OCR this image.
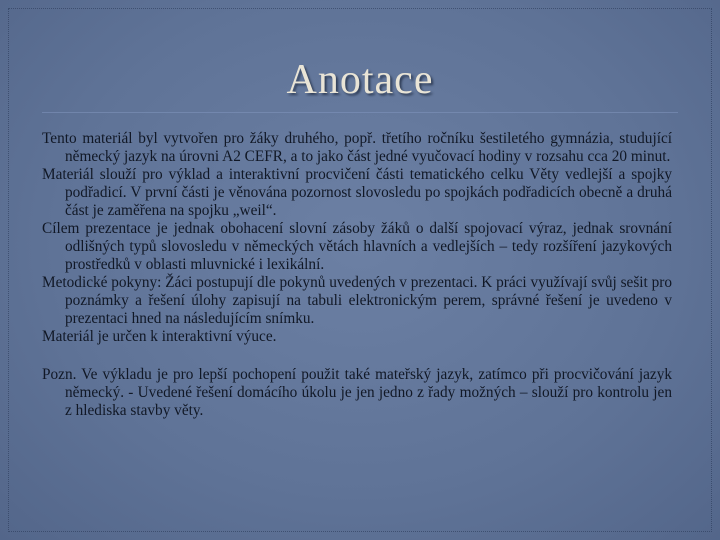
Anotace

Tento materiál byl vytvořen pro žáky druhého, popř. třetího ročníku šestiletého gymnázia, studující německý jazyk na úrovni A2 CEFR, a to jako část jedné vyučovací hodiny v rozsahu cca 20 minut.

Materiál slouží pro výklad a interaktivní procvičení části tematického celku Věty vedlejší a spojky podřadicí. V první části je věnována pozornost slovosledu po spojkách podřadicích obecně a druhá část je zaměřena na spojku „weil“.

Cílem prezentace je jednak obohacení slovní zásoby žáků o další spojovací výraz, jednak srovnání odlišných typů slovosledu v německých větách hlavních a vedlejších – tedy rozšíření jazykových prostředků v oblasti mluvnické i lexikální.

Metodické pokyny: Žáci postupují dle pokynů uvedených v prezentaci. K práci využívají svůj sešit pro poznámky a řešení úlohy zapisují na tabuli elektronickým perem, správné řešení je uvedeno v prezentaci hned na následujícím snímku.

Materiál je určen k interaktivní výuce.

Pozn. Ve výkladu je pro lepší pochopení použit také mateřský jazyk, zatímco při procvičování jazyk německý. - Uvedené řešení domácího úkolu je jen jedno z řady možných – slouží pro kontrolu jen z hlediska stavby věty.
